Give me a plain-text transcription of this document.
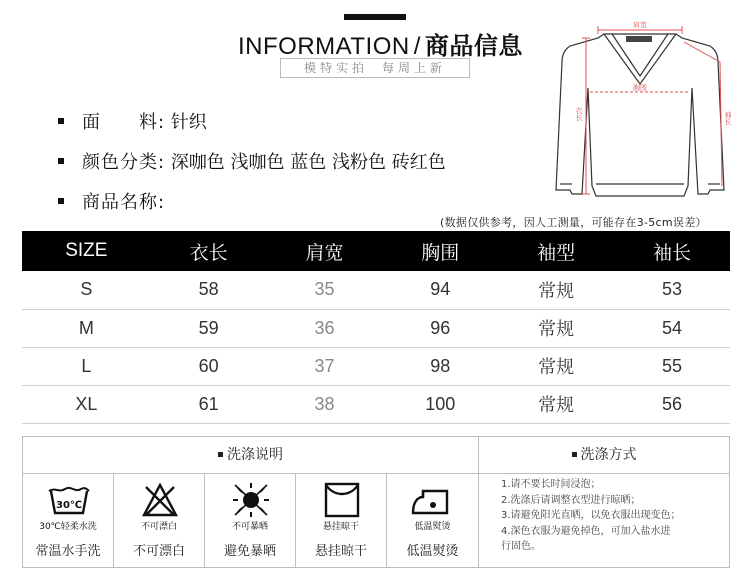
INFORMATION / 商品信息
模特实拍 每周上新
面　　料: 针织
颜色分类: 深咖色 浅咖色 蓝色 浅粉色 砖红色
商品名称:
肩宽
胸围
衣长	袖长
(数据仅供参考，因人工测量，可能存在3-5cm误差）
SIZE	衣长	肩宽	胸围	袖型	袖长
S	58	35	94	常规	53
M	59	36	96	常规	54
L	60	37	98	常规	55
XL	61	38	100	常规	56
洗涤说明	洗涤方式
30℃
30℃轻柔水洗
常温水手洗
不可漂白
不可漂白
不可暴晒
避免暴晒
悬挂晾干
悬挂晾干
低温熨烫
低温熨烫
1.请不要长时间浸泡；
2.洗涤后请调整衣型进行晾晒；
3.请避免阳光直晒，以免衣服出现变色；
4.深色衣服为避免掉色，可加入盐水进
行固色。
